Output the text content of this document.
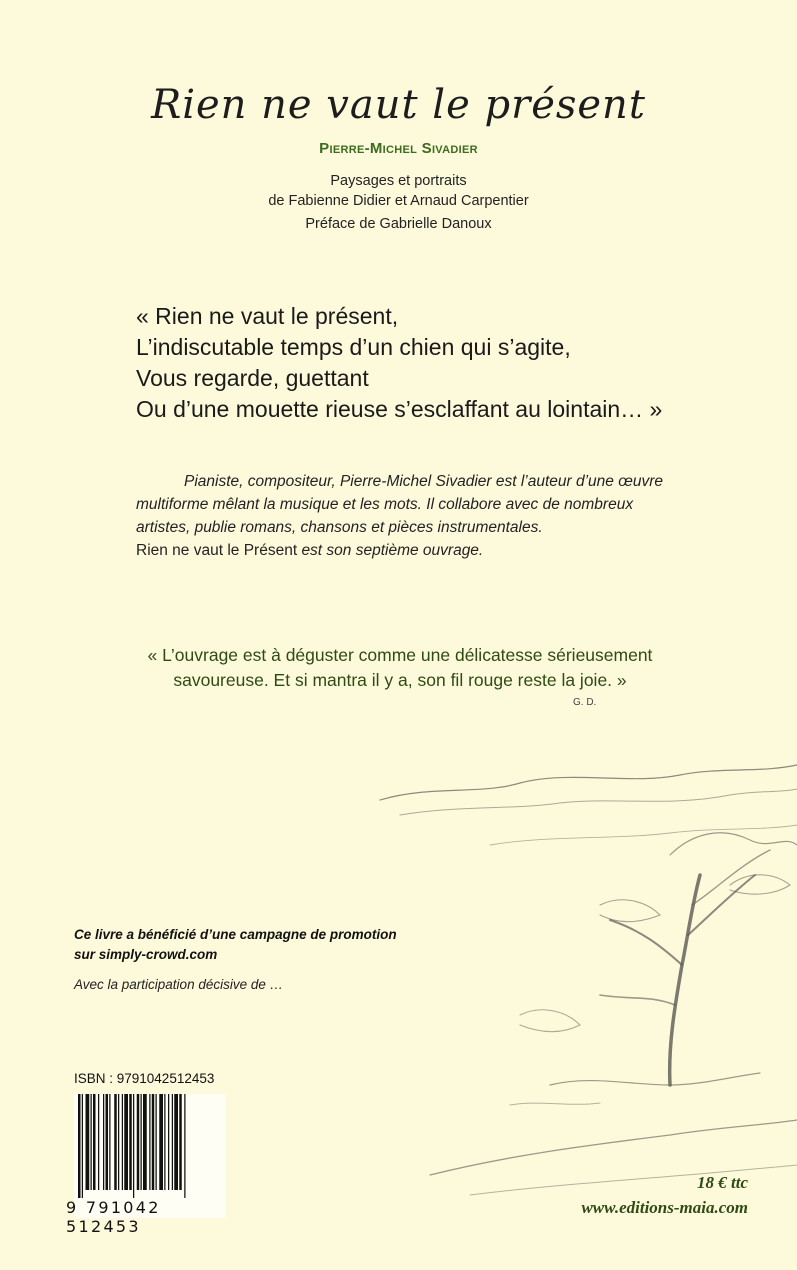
Rien ne vaut le présent
Pierre-Michel Sivadier
Paysages et portraits
de Fabienne Didier et Arnaud Carpentier
Préface de Gabrielle Danoux
« Rien ne vaut le présent,
L’indiscutable temps d’un chien qui s’agite,
Vous regarde, guettant
Ou d’une mouette rieuse s’esclaffant au lointain… »

Pianiste, compositeur, Pierre-Michel Sivadier est l’auteur d’une œuvre multiforme mêlant la musique et les mots. Il collabore avec de nombreux artistes, publie romans, chansons et pièces instrumentales.
Rien ne vaut le Présent est son septième ouvrage.

« L’ouvrage est à déguster comme une délicatesse sérieusement
savoureuse. Et si mantra il y a, son fil rouge reste la joie. »
G. D.
Ce livre a bénéficié d’une campagne de promotion
sur simply-crowd.com
Avec la participation décisive de …
ISBN : 9791042512453
9 791042 512453
18 € ttc
www.editions-maia.com
